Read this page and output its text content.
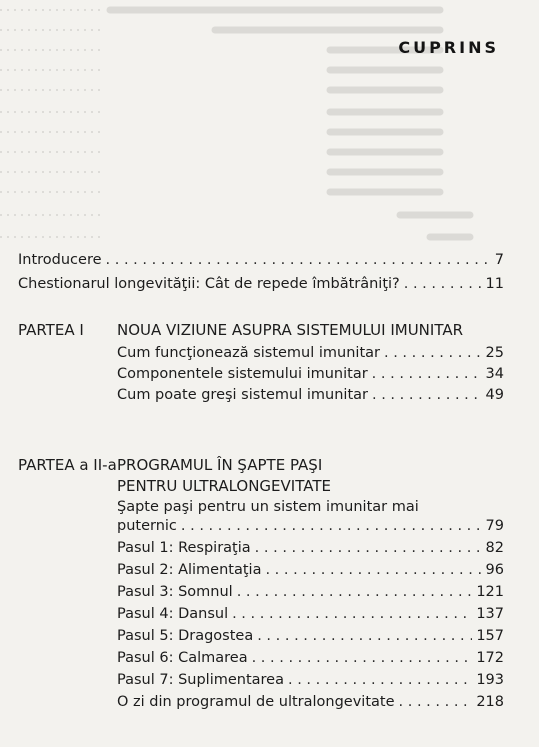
CUPRINS
Introducere . . .	7
Chestionarul longevităţii: Cât de repede îmbătrâniţi? . . .	11
PARTEA I NOUA VIZIUNE ASUPRA SISTEMULUI IMUNITAR
Cum funcţionează sistemul imunitar . . .	25
Componentele sistemului imunitar . . .	34
Cum poate greşi sistemul imunitar . . .	49
PARTEA a II-a PROGRAMUL ÎN ŞAPTE PAŞI
PENTRU ULTRALONGEVITATE
Şapte paşi pentru un sistem imunitar mai
puternic . . .	79
Pasul 1: Respiraţia . . .	82
Pasul 2: Alimentaţia . . .	96
Pasul 3: Somnul . . .	121
Pasul 4: Dansul . . .	137
Pasul 5: Dragostea . . .	157
Pasul 6: Calmarea . . .	172
Pasul 7: Suplimentarea . . .	193
O zi din programul de ultralongevitate . . .	218
